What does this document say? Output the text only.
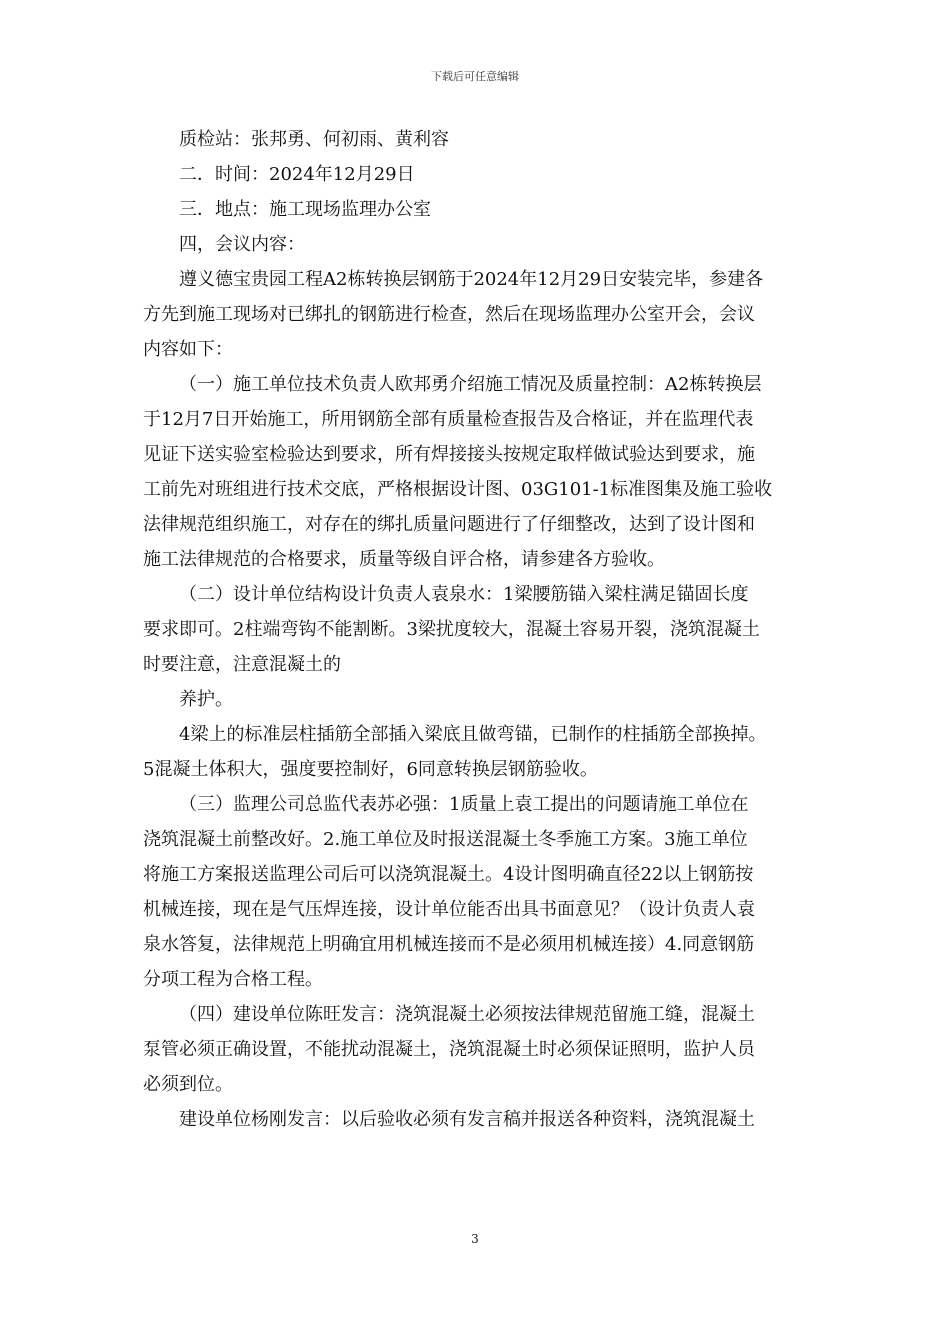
下载后可任意编辑
质检站：张邦勇、何初雨、黄利容
二．时间：2024年12月29日
三．地点：施工现场监理办公室
四，会议内容：
遵义德宝贵园工程A2栋转换层钢筋于2024年12月29日安装完毕，参建各
方先到施工现场对已绑扎的钢筋进行检查，然后在现场监理办公室开会，会议
内容如下：
（一）施工单位技术负责人欧邦勇介绍施工情况及质量控制：A2栋转换层
于12月7日开始施工，所用钢筋全部有质量检查报告及合格证，并在监理代表
见证下送实验室检验达到要求，所有焊接接头按规定取样做试验达到要求，施
工前先对班组进行技术交底，严格根据设计图、03G101-1标准图集及施工验收
法律规范组织施工，对存在的绑扎质量问题进行了仔细整改，达到了设计图和
施工法律规范的合格要求，质量等级自评合格，请参建各方验收。
（二）设计单位结构设计负责人袁泉水：1梁腰筋锚入梁柱满足锚固长度
要求即可。2柱端弯钩不能割断。3梁扰度较大，混凝土容易开裂，浇筑混凝土
时要注意，注意混凝土的
养护。
4梁上的标准层柱插筋全部插入梁底且做弯锚，已制作的柱插筋全部换掉。
5混凝土体积大，强度要控制好，6同意转换层钢筋验收。
（三）监理公司总监代表苏必强：1质量上袁工提出的问题请施工单位在
浇筑混凝土前整改好。2.施工单位及时报送混凝土冬季施工方案。3施工单位
将施工方案报送监理公司后可以浇筑混凝土。4设计图明确直径22以上钢筋按
机械连接，现在是气压焊连接，设计单位能否出具书面意见？（设计负责人袁
泉水答复，法律规范上明确宜用机械连接而不是必须用机械连接）4.同意钢筋
分项工程为合格工程。
（四）建设单位陈旺发言：浇筑混凝土必须按法律规范留施工缝，混凝土
泵管必须正确设置，不能扰动混凝土，浇筑混凝土时必须保证照明，监护人员
必须到位。
建设单位杨刚发言：以后验收必须有发言稿并报送各种资料，浇筑混凝土
3
